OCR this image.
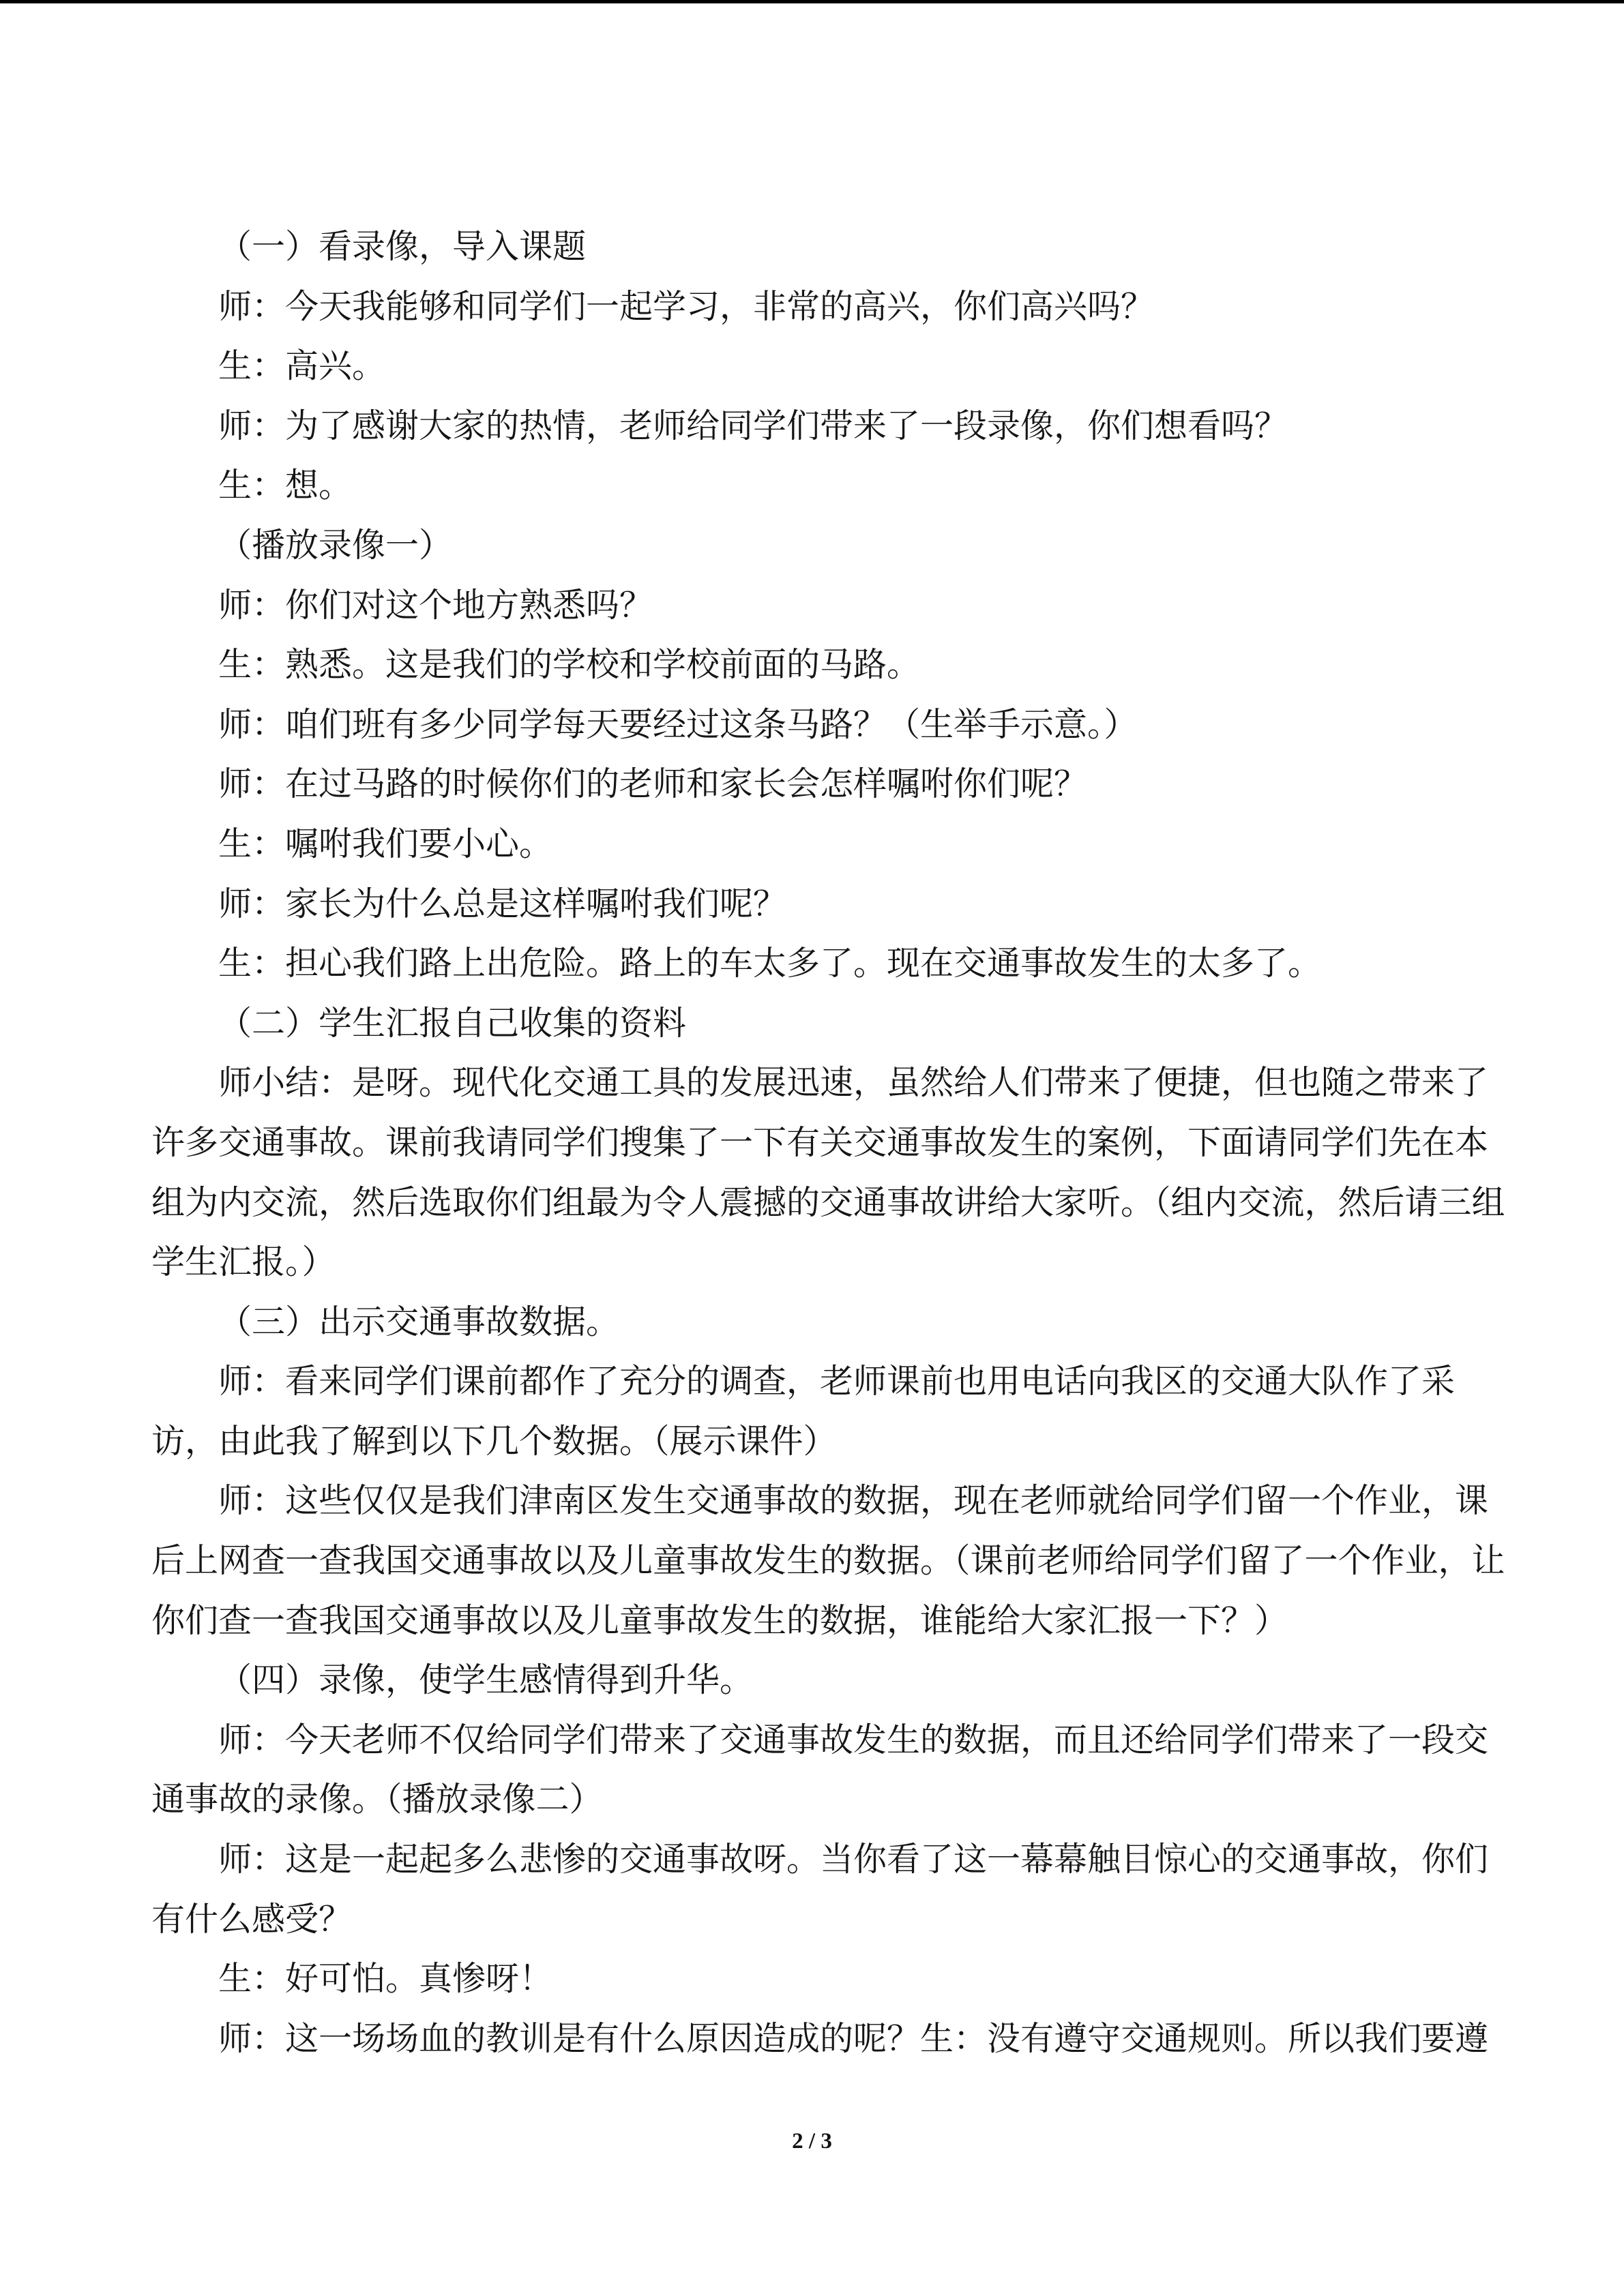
（一）看录像，导入课题
师：今天我能够和同学们一起学习，非常的高兴，你们高兴吗？
生：高兴。
师：为了感谢大家的热情，老师给同学们带来了一段录像，你们想看吗？
生：想。
（播放录像一）
师：你们对这个地方熟悉吗？
生：熟悉。这是我们的学校和学校前面的马路。
师：咱们班有多少同学每天要经过这条马路？（生举手示意。）
师：在过马路的时候你们的老师和家长会怎样嘱咐你们呢？
生：嘱咐我们要小心。
师：家长为什么总是这样嘱咐我们呢？
生：担心我们路上出危险。路上的车太多了。现在交通事故发生的太多了。
（二）学生汇报自己收集的资料
师小结：是呀。现代化交通工具的发展迅速，虽然给人们带来了便捷，但也随之带来了
许多交通事故。课前我请同学们搜集了一下有关交通事故发生的案例，下面请同学们先在本
组为内交流，然后选取你们组最为令人震撼的交通事故讲给大家听。（组内交流，然后请三组
学生汇报。）
（三）出示交通事故数据。
师：看来同学们课前都作了充分的调查，老师课前也用电话向我区的交通大队作了采
访，由此我了解到以下几个数据。（展示课件）
师：这些仅仅是我们津南区发生交通事故的数据，现在老师就给同学们留一个作业，课
后上网查一查我国交通事故以及儿童事故发生的数据。（课前老师给同学们留了一个作业，让
你们查一查我国交通事故以及儿童事故发生的数据，谁能给大家汇报一下？）
（四）录像，使学生感情得到升华。
师：今天老师不仅给同学们带来了交通事故发生的数据，而且还给同学们带来了一段交
通事故的录像。（播放录像二）
师：这是一起起多么悲惨的交通事故呀。当你看了这一幕幕触目惊心的交通事故，你们
有什么感受？
生：好可怕。真惨呀！
师：这一场场血的教训是有什么原因造成的呢？生：没有遵守交通规则。所以我们要遵
2 / 3
